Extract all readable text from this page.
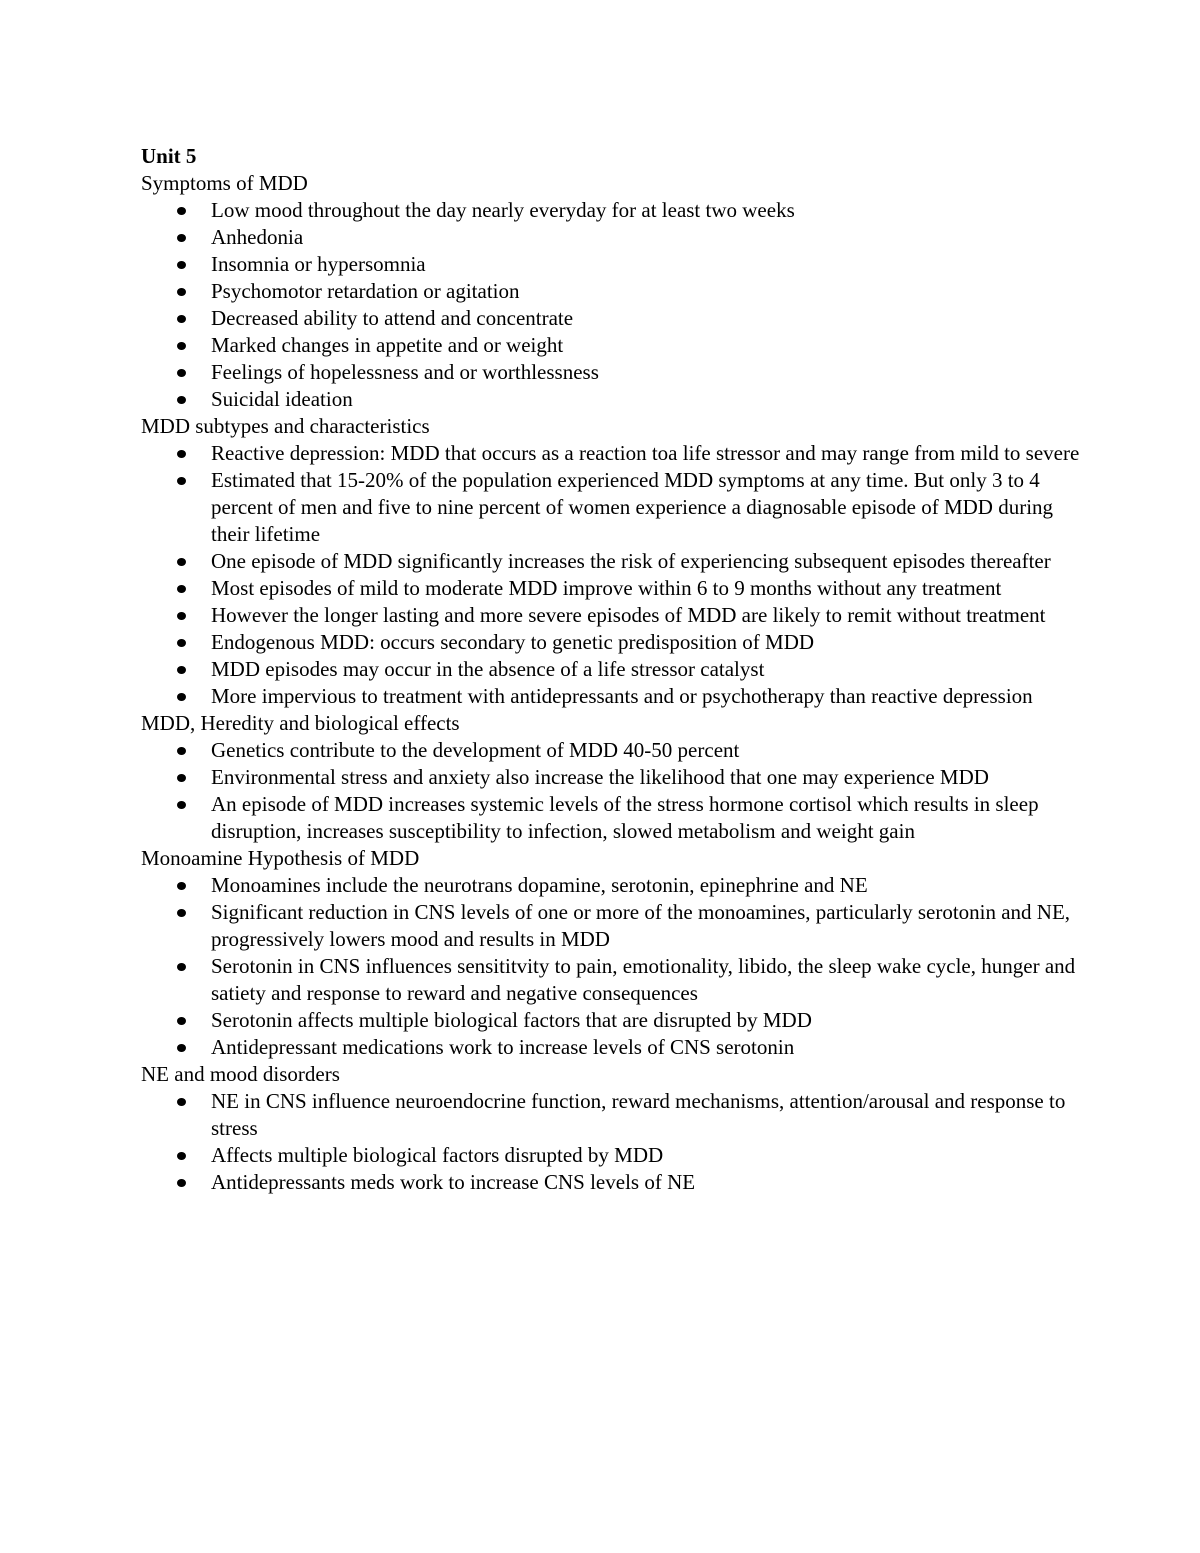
Unit 5
Symptoms of MDD
Low mood throughout the day nearly everyday for at least two weeks
Anhedonia
Insomnia or hypersomnia
Psychomotor retardation or agitation
Decreased ability to attend and concentrate
Marked changes in appetite and or weight
Feelings of hopelessness and or worthlessness
Suicidal ideation
MDD subtypes and characteristics
Reactive depression: MDD that occurs as a reaction toa life stressor and may range from mild to severe
Estimated that 15-20% of the population experienced MDD symptoms at any time. But only 3 to 4 percent of men and five to nine percent of women experience a diagnosable episode of MDD during their lifetime
One episode of MDD significantly increases the risk of experiencing subsequent episodes thereafter
Most episodes of mild to moderate MDD improve within 6 to 9 months without any treatment
However the longer lasting and more severe episodes of MDD are likely to remit without treatment
Endogenous MDD: occurs secondary to genetic predisposition of MDD
MDD episodes may occur in the absence of a life stressor catalyst
More impervious to treatment with antidepressants and or psychotherapy than reactive depression
MDD, Heredity and biological effects
Genetics contribute to the development of MDD 40-50 percent
Environmental stress and anxiety also increase the likelihood that one may experience MDD
An episode of MDD increases systemic levels of the stress hormone cortisol which results in sleep disruption, increases susceptibility to infection, slowed metabolism and weight gain
Monoamine Hypothesis of MDD
Monoamines include the neurotrans dopamine, serotonin, epinephrine and NE
Significant reduction in CNS levels of one or more of the monoamines, particularly serotonin and NE, progressively lowers mood and results in MDD
Serotonin in CNS influences sensititvity to pain, emotionality, libido, the sleep wake cycle, hunger and satiety and response to reward and negative consequences
Serotonin affects multiple biological factors that are disrupted by MDD
Antidepressant medications work to increase levels of CNS serotonin
NE and mood disorders
NE in CNS influence neuroendocrine function, reward mechanisms, attention/arousal and response to stress
Affects multiple biological factors disrupted by MDD
Antidepressants meds work to increase CNS levels of NE
